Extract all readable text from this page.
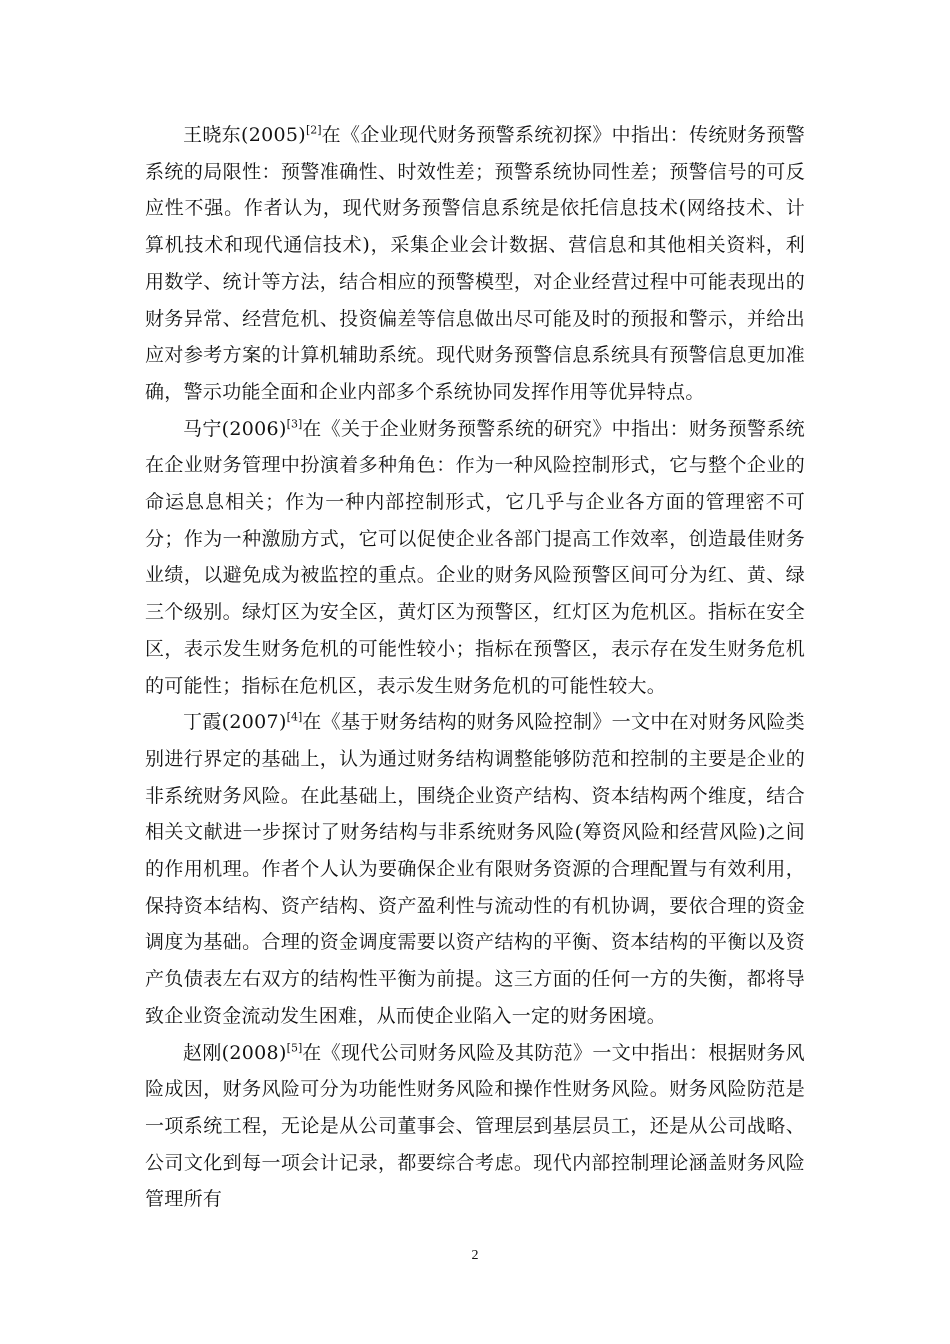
王晓东(2005)[2]在《企业现代财务预警系统初探》中指出：传统财务预警系统的局限性：预警准确性、时效性差；预警系统协同性差；预警信号的可反应性不强。作者认为，现代财务预警信息系统是依托信息技术(网络技术、计算机技术和现代通信技术)，采集企业会计数据、营信息和其他相关资料，利用数学、统计等方法，结合相应的预警模型，对企业经营过程中可能表现出的财务异常、经营危机、投资偏差等信息做出尽可能及时的预报和警示，并给出应对参考方案的计算机辅助系统。现代财务预警信息系统具有预警信息更加准确，警示功能全面和企业内部多个系统协同发挥作用等优异特点。

马宁(2006)[3]在《关于企业财务预警系统的研究》中指出：财务预警系统在企业财务管理中扮演着多种角色：作为一种风险控制形式，它与整个企业的命运息息相关；作为一种内部控制形式，它几乎与企业各方面的管理密不可分；作为一种激励方式，它可以促使企业各部门提高工作效率，创造最佳财务业绩，以避免成为被监控的重点。企业的财务风险预警区间可分为红、黄、绿三个级别。绿灯区为安全区，黄灯区为预警区，红灯区为危机区。指标在安全区，表示发生财务危机的可能性较小；指标在预警区，表示存在发生财务危机的可能性；指标在危机区，表示发生财务危机的可能性较大。

丁霞(2007)[4]在《基于财务结构的财务风险控制》一文中在对财务风险类别进行界定的基础上，认为通过财务结构调整能够防范和控制的主要是企业的非系统财务风险。在此基础上，围绕企业资产结构、资本结构两个维度，结合相关文献进一步探讨了财务结构与非系统财务风险(筹资风险和经营风险)之间的作用机理。作者个人认为要确保企业有限财务资源的合理配置与有效利用，保持资本结构、资产结构、资产盈利性与流动性的有机协调，要依合理的资金调度为基础。合理的资金调度需要以资产结构的平衡、资本结构的平衡以及资产负债表左右双方的结构性平衡为前提。这三方面的任何一方的失衡，都将导致企业资金流动发生困难，从而使企业陷入一定的财务困境。

赵刚(2008)[5]在《现代公司财务风险及其防范》一文中指出：根据财务风险成因，财务风险可分为功能性财务风险和操作性财务风险。财务风险防范是一项系统工程，无论是从公司董事会、管理层到基层员工，还是从公司战略、公司文化到每一项会计记录，都要综合考虑。现代内部控制理论涵盖财务风险管理所有

2
